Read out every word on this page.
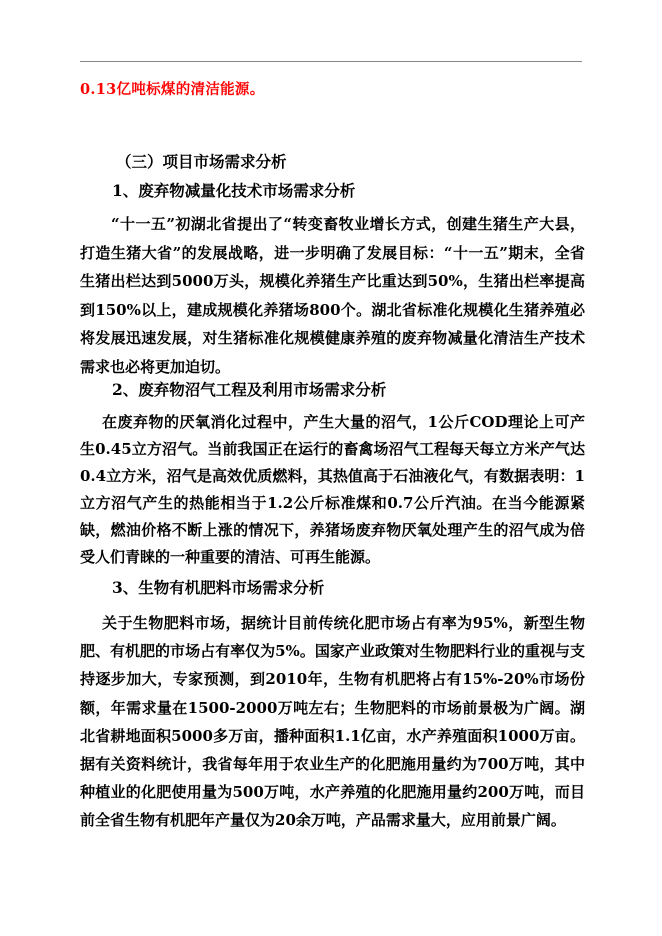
0.13亿吨标煤的清洁能源。
（三）项目市场需求分析
1、废弃物减量化技术市场需求分析
“十一五”初湖北省提出了“转变畜牧业增长方式，创建生猪生产大县，打造生猪大省”的发展战略，进一步明确了发展目标：“十一五”期末，全省生猪出栏达到5000万头，规模化养猪生产比重达到50%，生猪出栏率提高到150%以上，建成规模化养猪场800个。湖北省标准化规模化生猪养殖必将发展迅速发展，对生猪标准化规模健康养殖的废弃物减量化清洁生产技术需求也必将更加迫切。
2、废弃物沼气工程及利用市场需求分析
在废弃物的厌氧消化过程中，产生大量的沼气，1公斤COD理论上可产生0.45立方沼气。当前我国正在运行的畜禽场沼气工程每天每立方米产气达0.4立方米，沼气是高效优质燃料，其热值高于石油液化气，有数据表明：1立方沼气产生的热能相当于1.2公斤标准煤和0.7公斤汽油。在当今能源紧缺，燃油价格不断上涨的情况下，养猪场废弃物厌氧处理产生的沼气成为倍受人们青睐的一种重要的清洁、可再生能源。
3、生物有机肥料市场需求分析
关于生物肥料市场，据统计目前传统化肥市场占有率为95%，新型生物肥、有机肥的市场占有率仅为5%。国家产业政策对生物肥料行业的重视与支持逐步加大，专家预测，到2010年，生物有机肥将占有15%-20%市场份额，年需求量在1500-2000万吨左右；生物肥料的市场前景极为广阔。湖北省耕地面积5000多万亩，播种面积1.1亿亩，水产养殖面积1000万亩。据有关资料统计，我省每年用于农业生产的化肥施用量约为700万吨，其中种植业的化肥使用量为500万吨，水产养殖的化肥施用量约200万吨，而目前全省生物有机肥年产量仅为20余万吨，产品需求量大，应用前景广阔。
